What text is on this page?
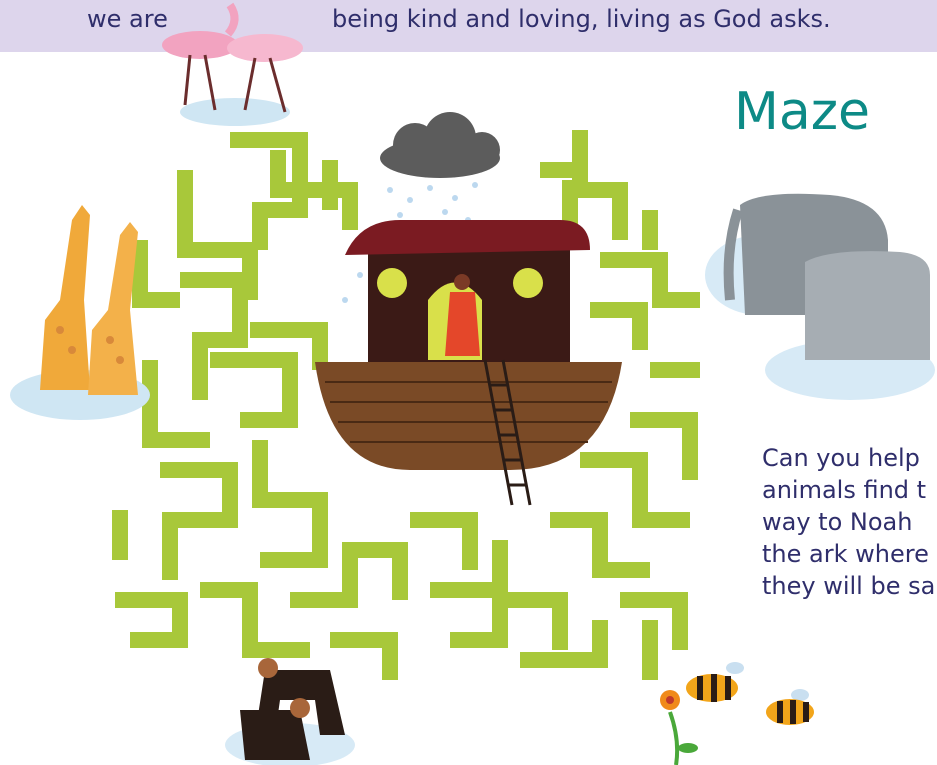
we are	being kind and loving, living as God asks.
Maze
Can you help
animals find t
way to Noah
the ark where
they will be sa
